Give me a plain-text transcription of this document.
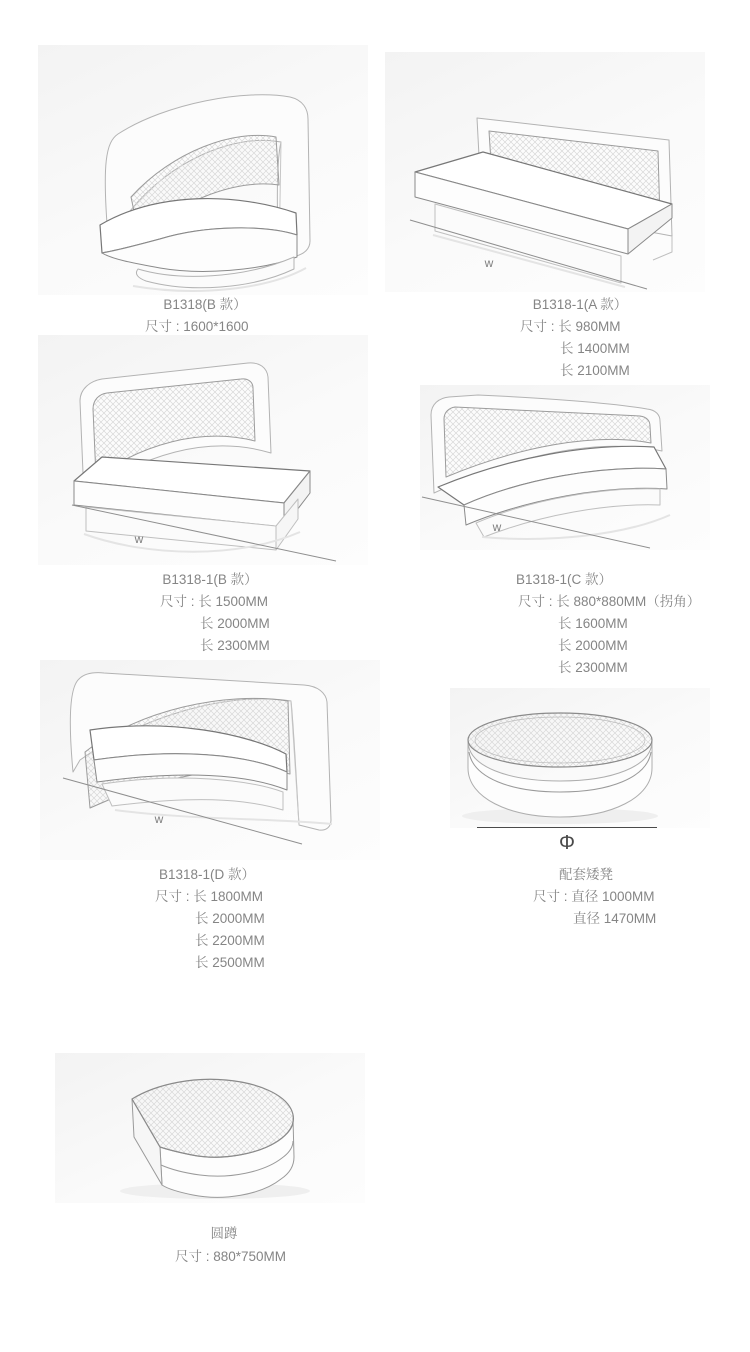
B1318(B 款）
尺寸 : 1600*1600
w
B1318-1(A 款）
尺寸 : 长 980MM
长 1400MM
长 2100MM
w
B1318-1(B 款）
尺寸 : 长 1500MM
长 2000MM
长 2300MM
w
B1318-1(C 款）
尺寸 : 长 880*880MM（拐角）
长 1600MM
长 2000MM
长 2300MM
w
B1318-1(D 款）
尺寸 : 长 1800MM
长 2000MM
长 2200MM
长 2500MM
Φ
配套矮凳
尺寸 : 直径 1000MM
直径 1470MM
圆蹲
尺寸 : 880*750MM
